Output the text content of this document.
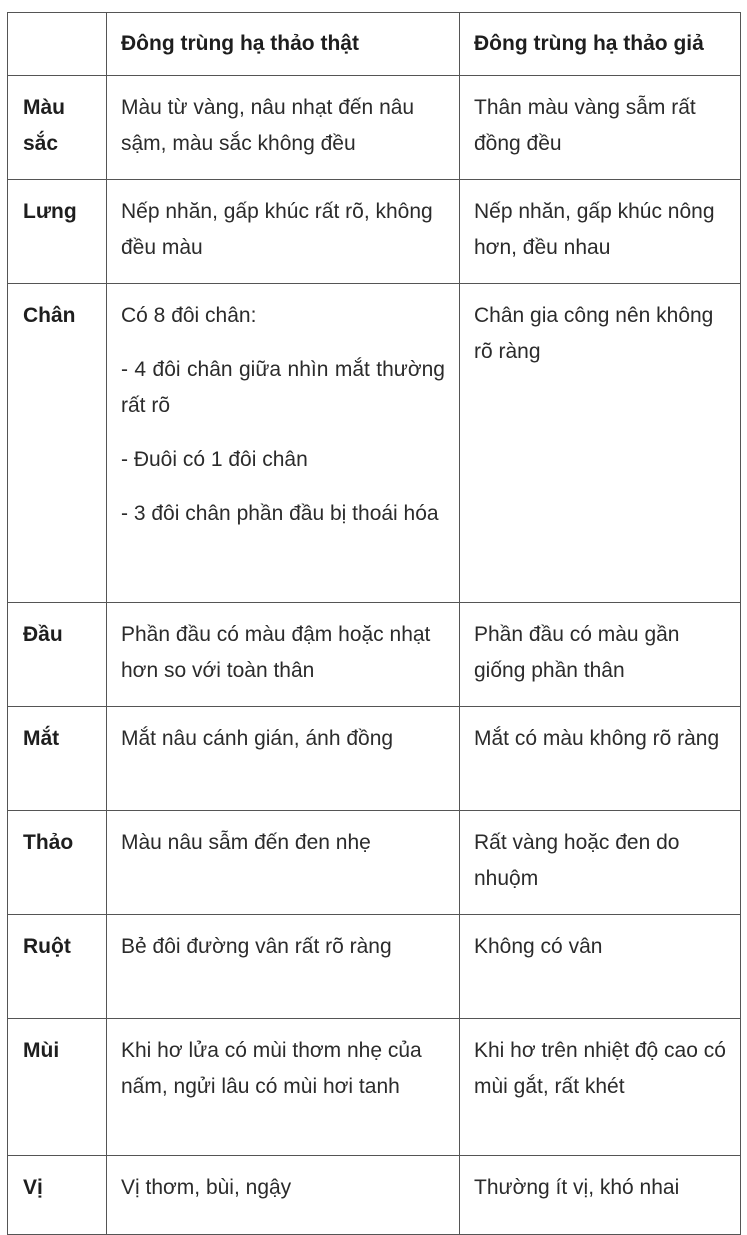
	Đông trùng hạ thảo thật	Đông trùng hạ thảo giả

Màu sắc	Màu từ vàng, nâu nhạt đến nâu sậm, màu sắc không đều	Thân màu vàng sẫm rất đồng đều

Lưng	Nếp nhăn, gấp khúc rất rõ, không đều màu	Nếp nhăn, gấp khúc nông hơn, đều nhau

Chân	Có 8 đôi chân:
- 4 đôi chân giữa nhìn mắt thường rất rõ
- Đuôi có 1 đôi chân
- 3 đôi chân phần đầu bị thoái hóa	Chân gia công nên không rõ ràng

Đầu	Phần đầu có màu đậm hoặc nhạt hơn so với toàn thân	Phần đầu có màu gần giống phần thân

Mắt	Mắt nâu cánh gián, ánh đồng	Mắt có màu không rõ ràng

Thảo	Màu nâu sẫm đến đen nhẹ	Rất vàng hoặc đen do nhuộm

Ruột	Bẻ đôi đường vân rất rõ ràng	Không có vân

Mùi	Khi hơ lửa có mùi thơm nhẹ của nấm, ngửi lâu có mùi hơi tanh	Khi hơ trên nhiệt độ cao có mùi gắt, rất khét

Vị	Vị thơm, bùi, ngậy	Thường ít vị, khó nhai
